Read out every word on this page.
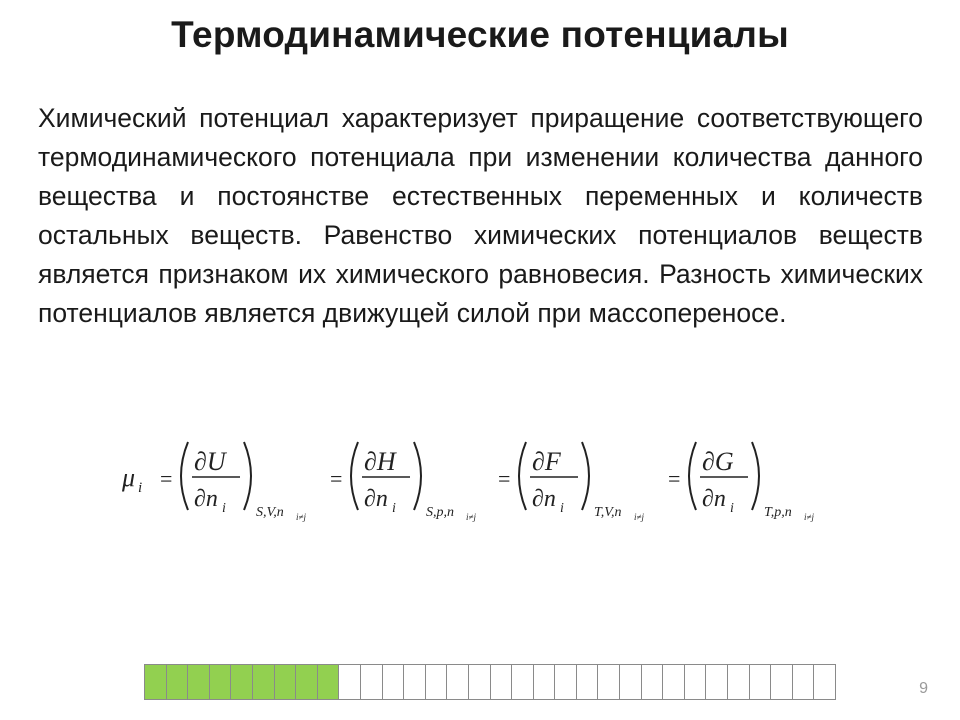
Термодинамические потенциалы
Химический потенциал характеризует приращение соответствующего термодинамического потенциала при изменении количества данного вещества и постоянстве естественных переменных и количеств остальных веществ. Равенство химических потенциалов веществ является признаком их химического равновесия. Разность химических потенциалов является движущей силой при массопереносе.
μ i =
∂U
∂n i S,V,n i≠j
=
∂H
∂n i S,p,n i≠j
=
∂F
∂n i T,V,n i≠j
=
∂G
∂n i T,p,n i≠j
9
